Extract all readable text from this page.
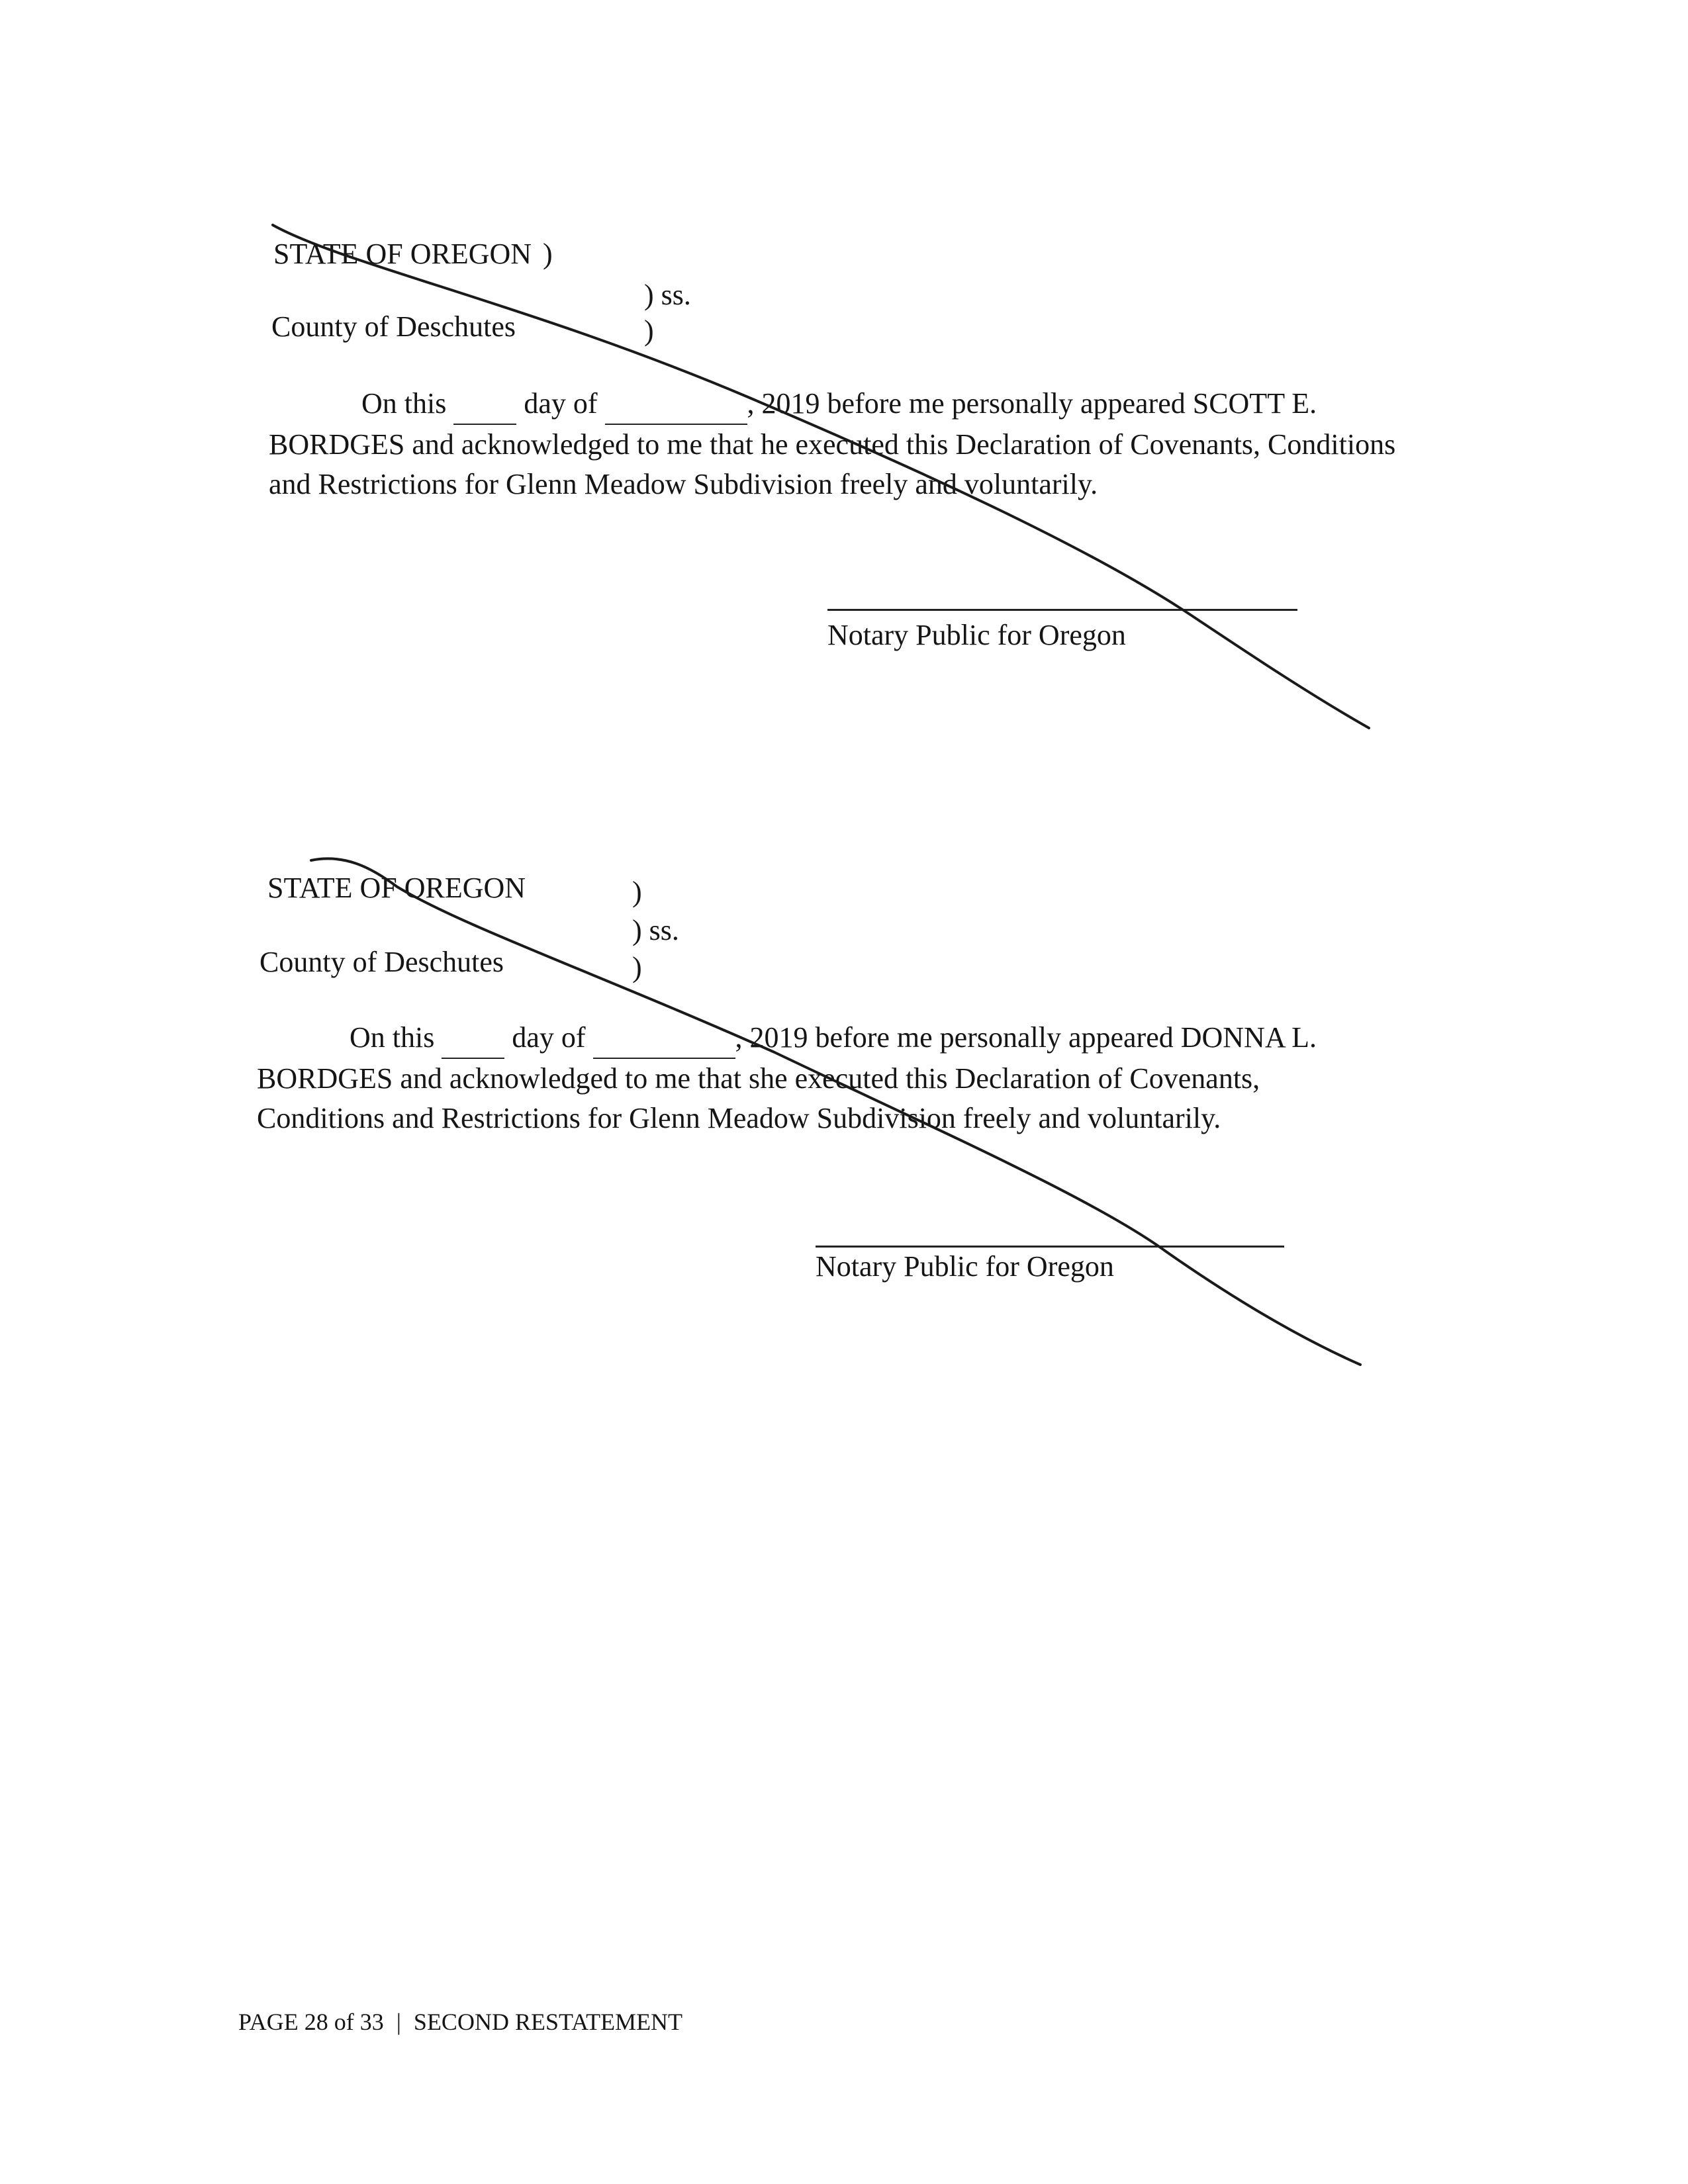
STATE OF OREGON )
) ss.
County of Deschutes	)
On this	day of	, 2019 before me personally appeared SCOTT E.
BORDGES and acknowledged to me that he executed this Declaration of Covenants, Conditions
and Restrictions for Glenn Meadow Subdivision freely and voluntarily.
Notary Public for Oregon
STATE OF OREGON	)
) ss.
County of Deschutes	)
On this	day of	, 2019 before me personally appeared DONNA L.
BORDGES and acknowledged to me that she executed this Declaration of Covenants,
Conditions and Restrictions for Glenn Meadow Subdivision freely and voluntarily.
Notary Public for Oregon
PAGE 28 of 33 | SECOND RESTATEMENT
